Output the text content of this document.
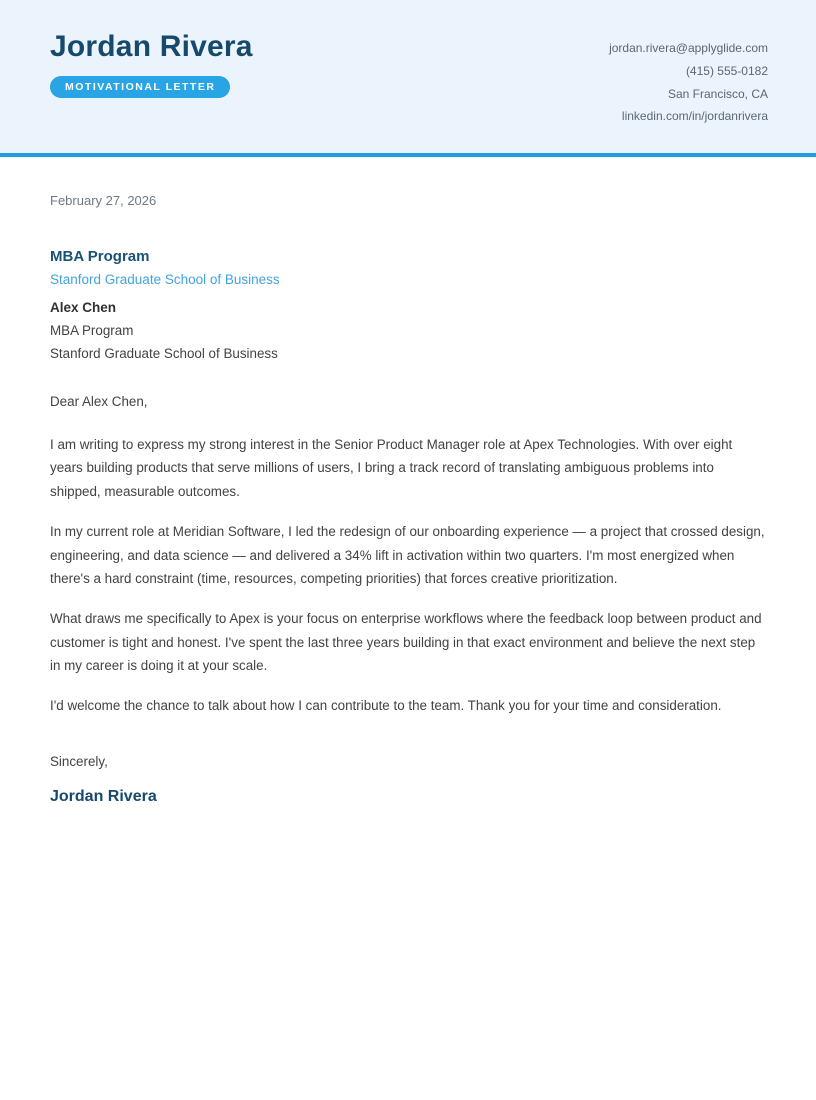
Jordan Rivera
MOTIVATIONAL LETTER
jordan.rivera@applyglide.com
(415) 555-0182
San Francisco, CA
linkedin.com/in/jordanrivera

February 27, 2026

MBA Program

Stanford Graduate School of Business

Alex Chen

MBA Program

Stanford Graduate School of Business

Dear Alex Chen,

I am writing to express my strong interest in the Senior Product Manager role at Apex Technologies. With over eight years building products that serve millions of users, I bring a track record of translating ambiguous problems into shipped, measurable outcomes.

In my current role at Meridian Software, I led the redesign of our onboarding experience — a project that crossed design, engineering, and data science — and delivered a 34% lift in activation within two quarters. I'm most energized when there's a hard constraint (time, resources, competing priorities) that forces creative prioritization.

What draws me specifically to Apex is your focus on enterprise workflows where the feedback loop between product and customer is tight and honest. I've spent the last three years building in that exact environment and believe the next step in my career is doing it at your scale.

I'd welcome the chance to talk about how I can contribute to the team. Thank you for your time and consideration.

Sincerely,

Jordan Rivera
